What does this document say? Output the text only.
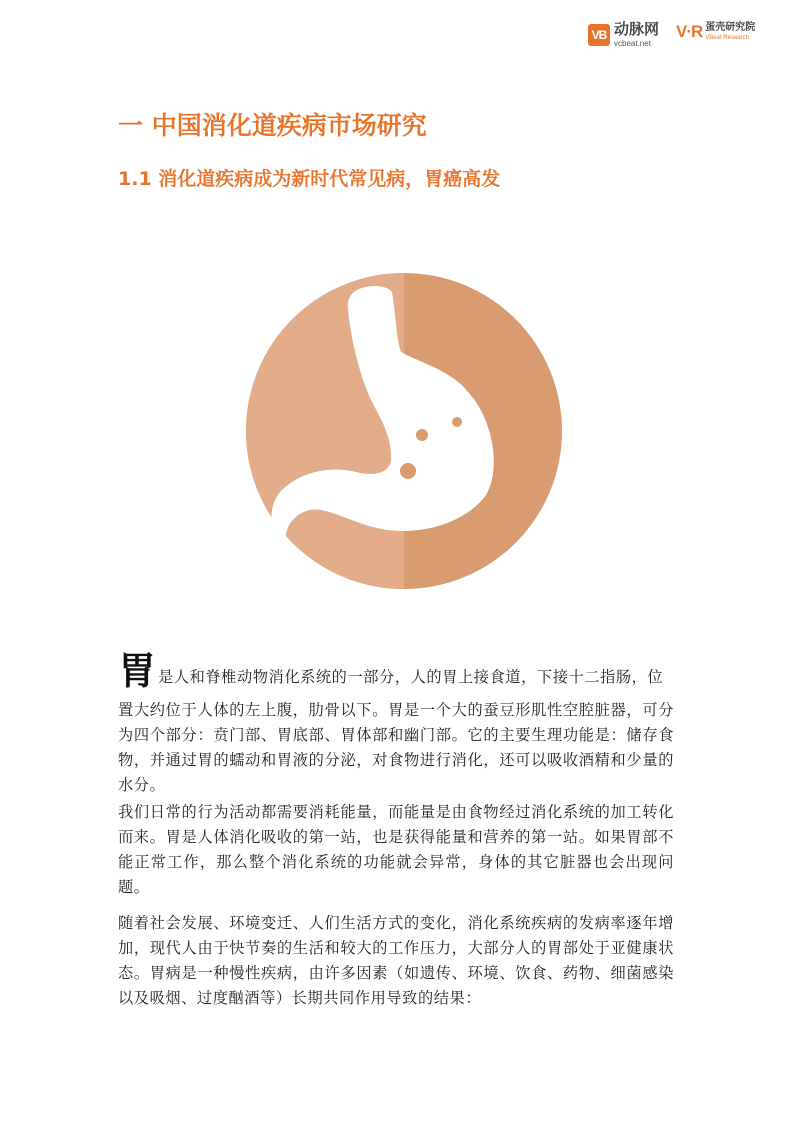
VB 动脉网
vcbeat.net
V·R 蛋壳研究院
VBeat Research
一 中国消化道疾病市场研究
1.1 消化道疾病成为新时代常见病，胃癌高发
胃是人和脊椎动物消化系统的一部分，人的胃上接食道，下接十二指肠，位
置大约位于人体的左上腹，肋骨以下。胃是一个大的蚕豆形肌性空腔脏器，可分为四个部分：贲门部、胃底部、胃体部和幽门部。它的主要生理功能是：储存食物，并通过胃的蠕动和胃液的分泌，对食物进行消化，还可以吸收酒精和少量的水分。
我们日常的行为活动都需要消耗能量，而能量是由食物经过消化系统的加工转化而来。胃是人体消化吸收的第一站，也是获得能量和营养的第一站。如果胃部不能正常工作，那么整个消化系统的功能就会异常，身体的其它脏器也会出现问题。
随着社会发展、环境变迁、人们生活方式的变化，消化系统疾病的发病率逐年增加，现代人由于快节奏的生活和较大的工作压力，大部分人的胃部处于亚健康状态。胃病是一种慢性疾病，由许多因素（如遗传、环境、饮食、药物、细菌感染以及吸烟、过度酗酒等）长期共同作用导致的结果：
